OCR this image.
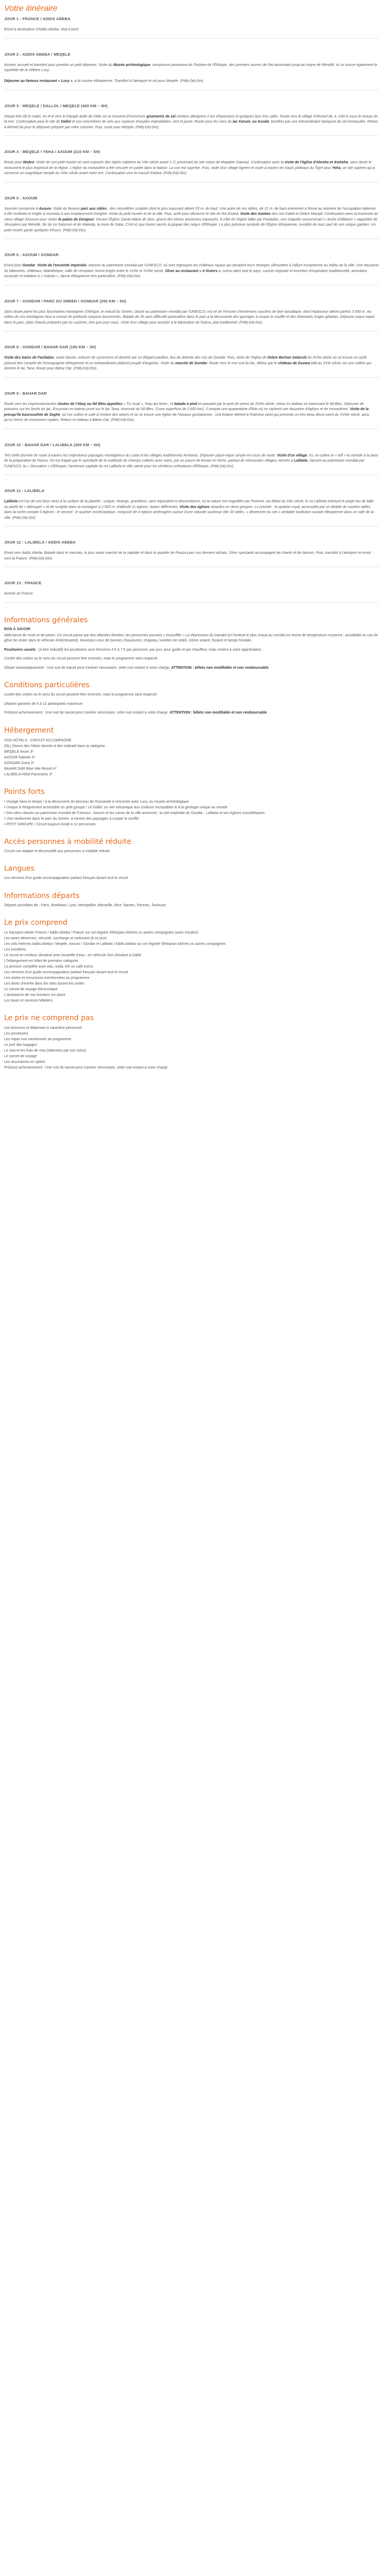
Votre itinéraire
JOUR 1 : FRANCE / ADDIS ABEBA
Envol à destination d'Addis Abeba. Nuit à bord.
JOUR 2 : ADDIS ABEBA / MEQELE
Arrivée, accueil et transfert pour prendre un petit déjeuner. Visite du Musée archéologique, somptueux panorama de l'histoire de l'Éthiopie, des premiers a​uvres de l'art ancestrale jusqu'au règne de Ménélik. Ici se trouve également le squelette de la célèbre Lucy.

Déjeuner au fameux restaurant « Lucy », à la cuisine éthiopienne. Transfert à l'aéroport et vol pour Meqele. (Pdéj-Déj-Din).
JOUR 3 : MEQELE / DALLOL / MEQELE (400 KM – 8H)
Départ très tôt le matin, en 4×4 vers le triangle aride de l'Afar où se trouvent d'immenses gisements de sel certains atteignent 2 km d'épaisseur et quelques lacs très salés. Route vers le village d'Ahmed Ila, à -100 m sous le niveau de la mer. Continuation pour le site de Dallol et ses concrétions de sels aux couleurs d'oxydes improbables, vert et jaune. Route pour les rives du lac Karum, ou Assale, bordées par une extraordinaire banquise de sel immaculée. Retour à Ahmed Ila pour le déjeuner préparé par votre cuisinier. Puis, route pour Meqele. (Pdéj-Déj-Din).
JOUR 4 : MEQELE / YEHA / AXOUM (210 KM – 5H)
Route pour Wukro. Visite de son petit musée où sont exposés des objets sabéens du VIIe siècle avant J.-C provenant du site voisin de Maqaber Gaewa). Continuation avec la visite de l'église d'Abreha et Atsbeha, sans doute le monument le plus impressif de la région. L'église du monastère a été creusée en partie dans la falaise. La vue est superbe. Puis, visite d'un village tigréen et route à travers les hauts plateaux du Tigré pour Yeha, un site sabéen qui a conservé un magnifique temple du VIIIe siècle avant notre ère. Continuation vers le massif d'Adwa. (Pdéj-Déj-Din).
JOUR 5 : AXOUM
Journée consacrée à Axoum. Visite du fameux parc aux stèles : des monolithes sculptés dont le plus imposant atteint 33 m. de haut. Une autre de ces stèles, de 22 m. de haut emmenée à Rome au moment de l'occupation italienne a été restituée et érigée à nouveau à son emplacement d'origine. Visite du petit musée et de la ville. Puis, arrêt pour découvrir le site du Roi Ezana. Visite des tombes des rois Kaleb et Gebre Masqal. Continuation avec la traversée du vieux village d'Axoum pour visiter le palais de Dongour. Devant l'Église Sainte-Marie de Sion, gisent des trônes anciennes tracassés. À côté de l'église bâtie par Fasiladas, une chapelle conserverait l'« Arche d'Alliance » rapportée de Jérusalem par Ménélik, fils du roi Salomon et de Makeda, la reine de Saba. C'est ici que furent sacrés la plupart des négus d'Éthiopie. Le plus précieux symbole de l'Église éthiopienne, invisible de tous sauf de son unique gardien. Un petit musée garde quelques trésors. (Pdéj-Déj-Din).
JOUR 6 : AXOUM / GONDAR
Envol pour Gondar. Visite de l'enceinte impériale, classée au patrimoine mondial par l'UNESCO, où sont regroupés les châteaux royaux qui devaient leurs étranges silhouettes à l'allure européenne au milieu de la ville. Une douzaine de bâtiments, châteaux, bibliothèque, salle de réception, furent érigés entre le XVIIe et XVIIIe siècle. Dîner au restaurant « 4 Sisters », connu dans tout le pays, cuisine originale et inventive d'inspiration traditionnelle, animation musicale et initiation à « l'iskista », danse éthiopienne très particulière. (Pdéj-Déj-Din).
JOUR 7 : GONDAR / PARC DU SIMIEN / GONDAR (250 KM – 5H)
Sans doute parmi les plus fascinantes montagnes d'Afrique, le massif du Simien, classé au patrimoine mondial par l'UNESCO, est né de l'érosion d'immenses couches de lave basaltique, dont l'épaisseur atteint parfois 3 000 m. Au milieu de ces montagnes faux-a creusé de profonds canyons bourrennés. Balade de 2h sans difficulté particulière dans le parc à la découverte des geyrages à couper le souffle et des étonnants singes géladas. Déjeuner pique-nique dans le parc, plats chauds préparés par un cuisinier, rien que pour vous. Visite d'un village pour assister à la fabrication de l'injera, plat traditionnel. (Pdéj-Déj-Din).
JOUR 8 : GONDAR / BAHAR DAR (180 KM – 3H)
Visite des bains de Fasiladas, vaste bassin, entouré de sycomores et dominé par un élégant pavillon, lieu de détente des rois de Gondar. Puis, visite de l'église de Debre Berhan Selassié du XVIIe siècle où se trouve un cycle pictural très complet de l'iconographie éthiopienne et un extraordinaire plafond peuplé d'angelots. Visite du marché de Gondar. Route vers le rive sud du lac, détour par le château de Guzara bâti au XVIe siècle sur une colline qui domine le lac Tana. Route pour Bahar Dar. (Pdéj-Déj-Din).
JOUR 9 : BAHAR DAR
Route vers les impressionnantes chutes de l'Abay ou Nil Bleu appelées « Tis Issat », l'eau qui fume ; et balade à pied en passant par le pont de pierre du XVIIe siècle, retour en bateau en traversant le Nil Bleu. Déjeuner de poissons sur les bords du lac. Excursion en bateau privé sur le lac Tana, réservoir du Nil Bleu. D'une superficie de 3 600 km2, il compte une quarantaine d'îlots où se cachent une douzaine d'églises et de monastères. Visite de la presqu'île boursoufrée de Zeghé, où l'on cultive le café à l'ombre des arbres et où se trouve une église de l'époque gondarienne : Ura Kidane Mehret à l'intérieur peint qui présente un très beau décor peint du XVIIIe siècle, ainsi qu'un trésor de couronnes royales. Retour en bateau à Baher Dar. (Pdéj-Déj-Din).
JOUR 10 : BAHAR DAR / LALIBELA (300 KM – 6H)
Très belle journée de route à travers les majestueux paysages montagneux du Lasta et les villages traditionnels Amharas. Déjeuner pique-nique simple en cours de route. Visite d'un village. Ici, on cultive le « teff » la céréale à la base de la préparation de l'injera. On est frappé par le spectacle de la multitude de champs cultivés avec soins, par un pouce de terrain en friche, partout de minuscules villages. Arrivée à Lalibela, classée au patrimoine mondial par l'UNESCO, la « Jérusalem » d'Éthiopie, l'ancienne capitale du roi Lalibela et ville sainte pour les chrétiens orthodoxes d'Éthiopie. (Pdéj-Déj-Din).
JOUR 11 : LALIBELA
Lalibela est l'un de ces lieux rares à la surface de la planète ; unique, étrange, grandiose, sans équivalent ni descendance, où la nature est magnifiée par l'homme. Au début du XIIe siècle, le roi Lalibela entreprit le projet fou de bâtir ou plutôt de « découper » et de sculpter dans la montagne à 2 500 m. d'altitude 11 églises, toutes différentes. Visite des églises réparties en deux groupes. Le premier : le quartier royal, accessible par un dédale de couloirs taillés dans la roche compte 6 églises ; le second : le quartier ecclésiastique, composé de 4 églises aménagées autour d'une rotonde soutenue elle 33 stèles, « déviennée du ciel » véritable institution sociale éthiopienne dans un café de la ville. (Pdéj-Déj-Din).
JOUR 12 : LALIBELA / ADDIS ABEBA
Envol vers Addis Abeba. Balade dans le mercato, le plus vaste marché de la capitale et dans le quartier de Piazza pour vos derniers achats. Dîner spectacle accompagné de chants et de danses. Puis, transfert à l'aéroport et envol vers la France. (Pdéj-Déj-Din).
JOUR 13 : FRANCE
Arrivée en France.
Informations générales
BON À SAVOIR

Altérnance de route et de pistes. Ce circuit passe par des altitudes élevées, les personnes pouvant « essouffler » La dépression du Danakil (et l'endroit le plus chaud au monde) en terme de température moyenne ; possibilité en cas de gêne de rester dans le véhicule 4X4(climatisé). Munissez-vous de bonnes chaussures, chapeau, lunettes de soleil, crème solaire, foulard et lampe frontale.

Pourboires usuels : (à titre indicatif) les pourboires sont d'environ 4 € à 7 € par personne, par jour, pour guide et par chauffeur, mais restent à votre appréciation.

Cordre des visites ou le sens du circuit peuvent être inversés, mais le programme sera respecté.

Départ automatiquement : Une nuit de transit peut s'avérer nécessaire, cette nuit restant à votre charge. ATTENTION : billets non modifiable et non remboursable

Conditions particulières

Lordre des visites ou le sens du circuit peuvent être inversés, mais le programme sera respecté.

Départs garantis de 4 à 12 participants maximum

Pré/post acheminement : Une nuit de transit peut s'avérer nécessaire, cette nuit restant à votre charge. ATTENTION : billets non modifiable et non remboursable

Hébergement
VOS HÔTELS : CIRCUIT ACCOMPAGNÉ
(NL) (Noms des hôtels donnés à titre indicatif dans la catégorie
MEQELE Axum 3*
AXOUM Sabean 3*
GONDAR Goha 3*
BAHAR DAR Blue Nile Resort 4*
LALIBELA Hôtel Panoramic 3*
Points forts
• Voyagé dans le temps ! à la découverte du berceau de l'humanité à rencontre avec Lucy, au musée archéologique
• Unique & éloignement accessible en petit groupe ! Le Dallol, un site volcanique aux couleurs incroyables & à la géologie unique au monde
• Des sites classés au patrimoine mondial de l'Unesco : Axoum et les ruines de la ville ancienne ; la cité impériale de Gondar ; Lalibela et ses églises monolithiques
• Une randonnée dans le parc du Simien, à travers des paysages à couper le souffle
• PETIT GROUPE ! Circuit toujours limité à 12 personnes
Accès personnes à mobilité réduite

Circuit non adapté et déconseillé aux personnes à mobilité réduite.

Langues

Les services d'un guide accompagnateur parlant français durant tout le circuit

Informations départs

Départs possibles de : Paris, Bordeaux, Lyon, Montpellier, Marseille, Nice, Nantes, Rennes, Toulouse

Le prix comprend
Le transport aérien France / Addis Abeba / France sur vol régulier Ethiopian Airlines ou autres compagnies (avec escales)
Les taxes aériennes, sécurité, surcharge et carburant (à ce jour)
Les vols internes Addis Abeba / Meqele, Axoum / Gondar et Lalibela / Addis Abeba sur vol régulier Ethiopian Airlines ou autres compagnies
Les transferts
Le circuit en minibus climatisé avec bouteille d'eau ; en véhicule 4x4 climatisé à Dallol
L'hébergement en hôtel de première catégorie
La pension complète avec eau, soda, thé ou café inclus
Les services d'un guide accompagnateur parlant français durant tout le circuit
Les visites et excursions mentionnées au programme
Les droits d'entrée dans les sites durant les visites
Le carnet de voyage électronique
L'assistance de nos bureaux sur place
Les taxes et services hôteliers.
Le prix ne comprend pas
Les boissons et dépenses à caractère personnel
Les pourboires
Les repas non mentionnés au programme
Le port des bagages
Le visa et les frais de visa (obtention par vos soins)
Le carnet de voyage
Les assurances en option
Pré/post acheminement : Une nuit de transit peut s'avérer nécessaire, cette nuit restant à votre charge.
